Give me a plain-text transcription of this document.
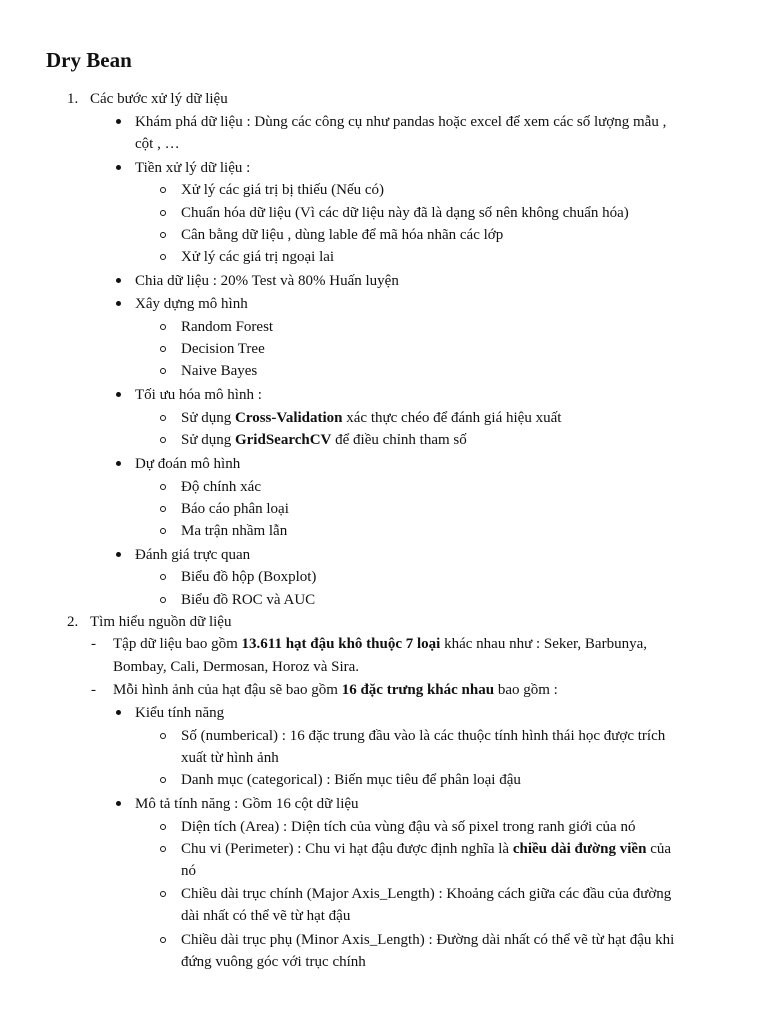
Dry Bean
1. Các bước xử lý dữ liệu
Khám phá dữ liệu : Dùng các công cụ như pandas hoặc excel để xem các số lượng mẫu ,
cột , …
Tiền xử lý dữ liệu :
Xử lý các giá trị bị thiếu (Nếu có)
Chuẩn hóa dữ liệu (Vì các dữ liệu này đã là dạng số nên không chuẩn hóa)
Cân bằng dữ liệu , dùng lable để mã hóa nhãn các lớp
Xử lý các giá trị ngoại lai
Chia dữ liệu : 20% Test và 80% Huấn luyện
Xây dựng mô hình
Random Forest
Decision Tree
Naive Bayes
Tối ưu hóa mô hình :
Sử dụng Cross-Validation xác thực chéo để đánh giá hiệu xuất
Sử dụng GridSearchCV để điều chỉnh tham số
Dự đoán mô hình
Độ chính xác
Báo cáo phân loại
Ma trận nhầm lẫn
Đánh giá trực quan
Biểu đồ hộp (Boxplot)
Biểu đồ ROC và AUC
2. Tìm hiểu nguồn dữ liệu
- Tập dữ liệu bao gồm 13.611 hạt đậu khô thuộc 7 loại khác nhau như : Seker, Barbunya,
Bombay, Cali, Dermosan, Horoz và Sira.
- Mỗi hình ảnh của hạt đậu sẽ bao gồm 16 đặc trưng khác nhau bao gồm :
Kiểu tính năng
Số (numberical) : 16 đặc trung đầu vào là các thuộc tính hình thái học được trích
xuất từ hình ảnh
Danh mục (categorical) : Biến mục tiêu để phân loại đậu
Mô tả tính năng : Gồm 16 cột dữ liệu
Diện tích (Area) : Diện tích của vùng đậu và số pixel trong ranh giới của nó
Chu vi (Perimeter) : Chu vi hạt đậu được định nghĩa là chiều dài đường viền của
nó
Chiều dài trục chính (Major Axis_Length) : Khoảng cách giữa các đầu của đường
dài nhất có thể vẽ từ hạt đậu
Chiều dài trục phụ (Minor Axis_Length) : Đường dài nhất có thể vẽ từ hạt đậu khi
đứng vuông góc với trục chính
